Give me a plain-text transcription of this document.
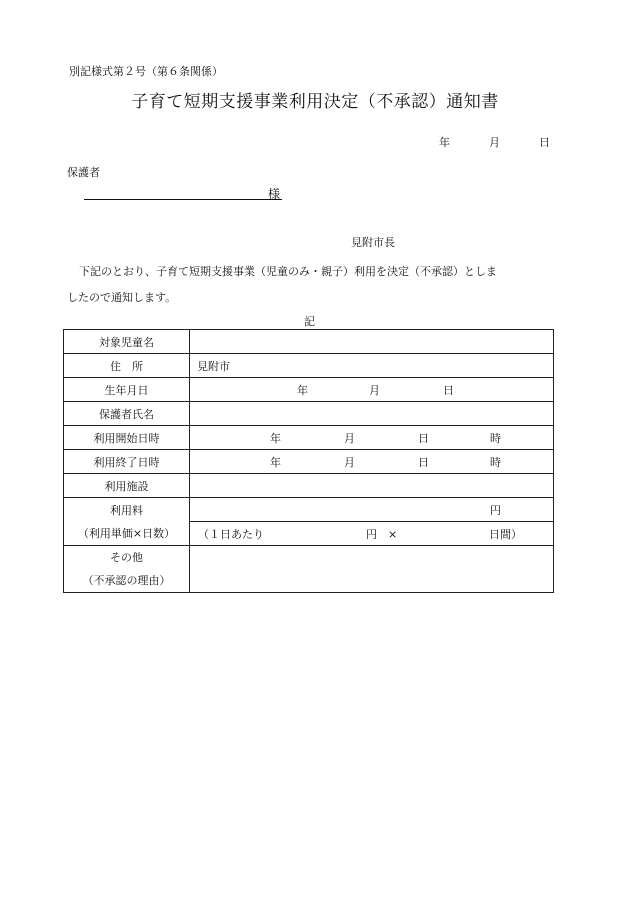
別記様式第２号（第６条関係）
子育て短期支援事業利用決定（不承認）通知書
年	月	日
保護者
様
見附市長
下記のとおり、子育て短期支援事業（児童のみ・親子）利用を決定（不承認）としま
したので通知します。
記
対象児童名	
住　所	見附市

生年月日	年 月 日

保護者氏名	
利用開始日時	年 月 日 時

利用終了日時	年 月 日 時

利用施設	
利用料	円

（利用単価×日数）	（１日あたり 円　× 日間）

その他
（不承認の理由）	
